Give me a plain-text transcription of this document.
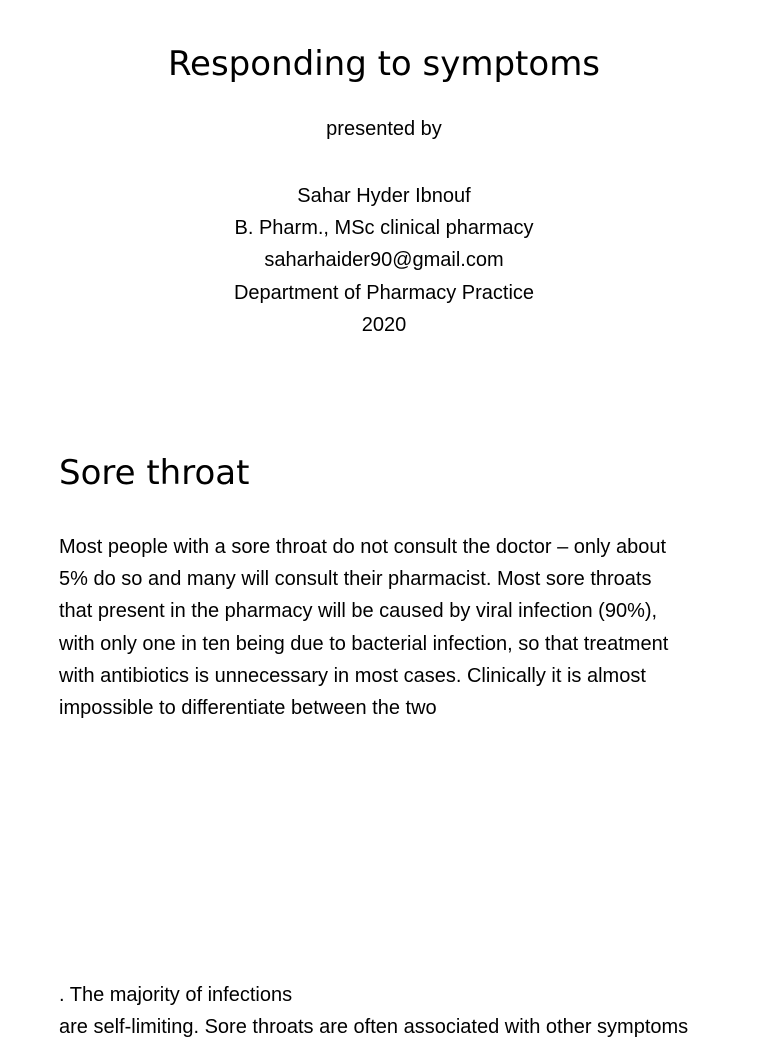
Responding to symptoms

presented by

Sahar Hyder Ibnouf
B. Pharm., MSc clinical pharmacy
saharhaider90@gmail.com
Department of Pharmacy Practice
2020
Sore throat

Most people with a sore throat do not consult the doctor – only about
5% do so and many will consult their pharmacist. Most sore throats
that present in the pharmacy will be caused by viral infection (90%),
with only one in ten being due to bacterial infection, so that treatment
with antibiotics is unnecessary in most cases. Clinically it is almost
impossible to differentiate between the two

. The majority of infections
are self-limiting. Sore throats are often associated with other symptoms
